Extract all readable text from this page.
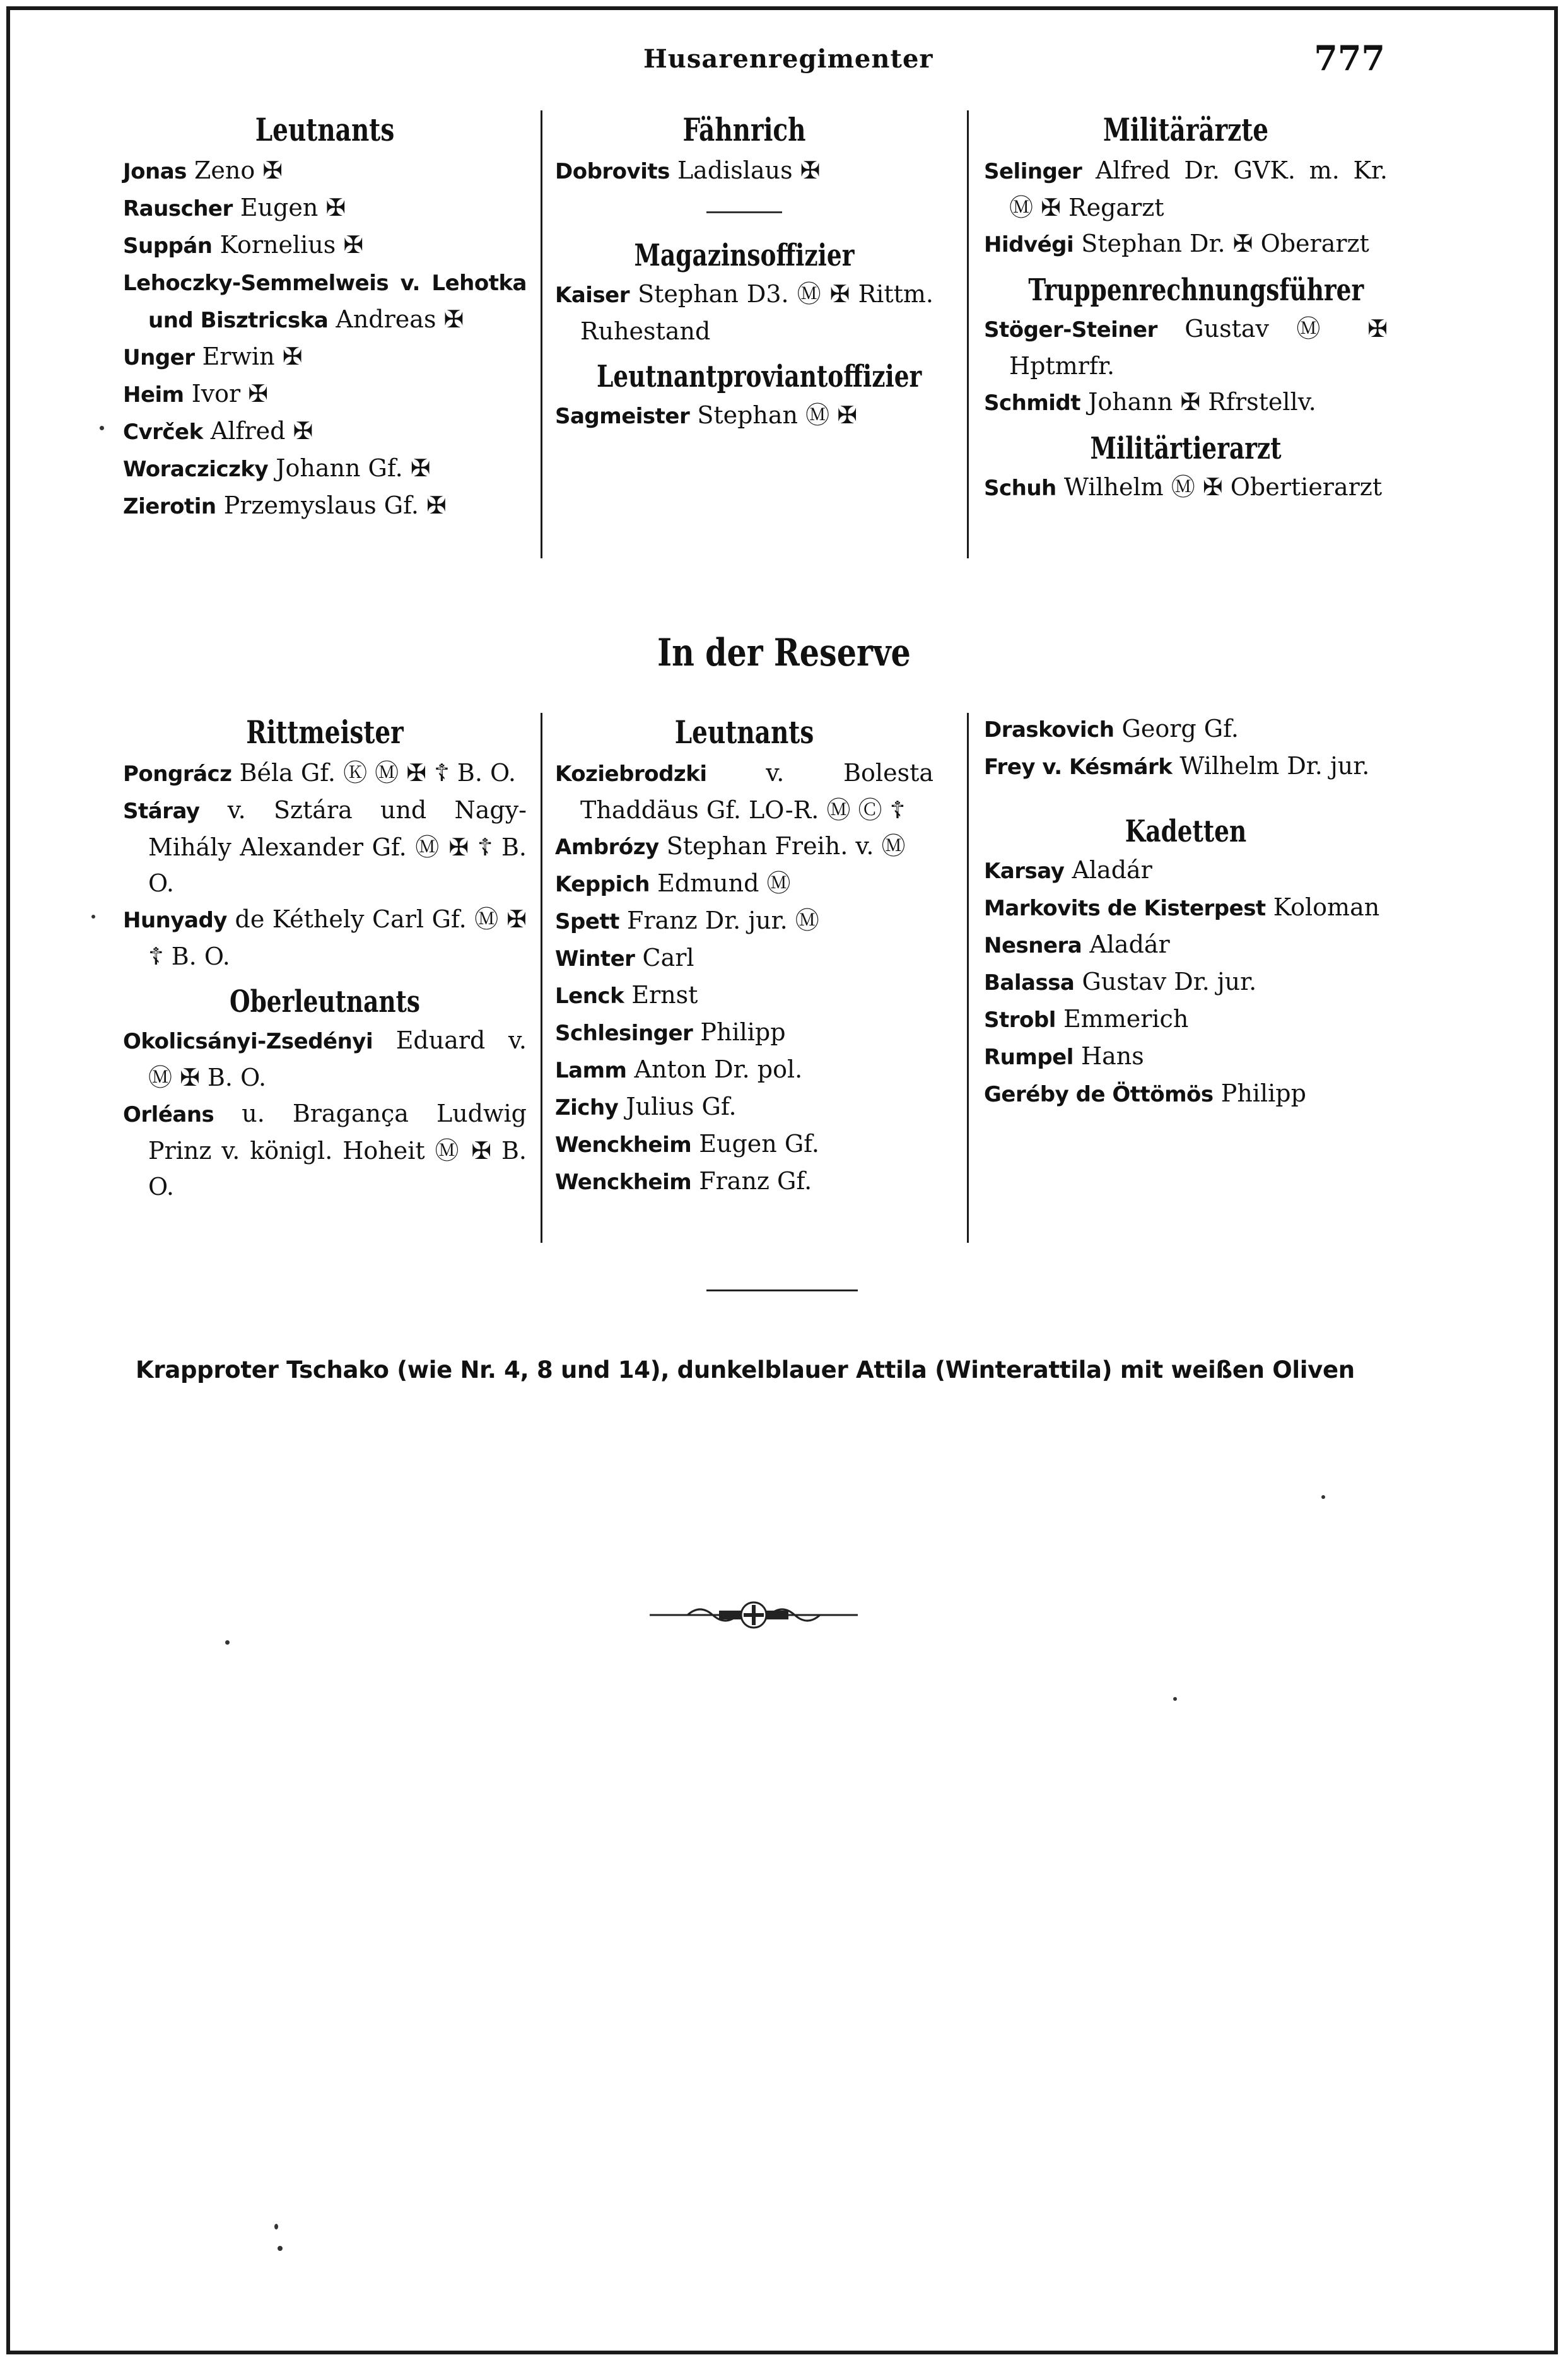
Husarenregimenter	777
Leutnants
Jonas Zeno ✠
Rauscher Eugen ✠
Suppán Kornelius ✠
Lehoczky-Semmelweis v. Lehotka und Bisztricska Andreas ✠
Unger Erwin ✠
Heim Ivor ✠
Cvrček Alfred ✠
Woracziczky Johann Gf. ✠
Zierotin Przemyslaus Gf. ✠
Fähnrich
Dobrovits Ladislaus ✠
Magazinsoffizier
Kaiser Stephan D3. Ⓜ ✠ Rittm. Ruhestand
Leutnantproviantoffizier
Sagmeister Stephan Ⓜ ✠
Militärärzte
Selinger Alfred Dr. GVK. m. Kr. Ⓜ ✠ Regarzt
Hidvégi Stephan Dr. ✠ Oberarzt
Truppenrechnungsführer
Stöger-Steiner Gustav Ⓜ ✠ Hptmrfr.
Schmidt Johann ✠ Rfrstellv.
Militärtierarzt
Schuh Wilhelm Ⓜ ✠ Obertierarzt
In der Reserve
Rittmeister
Pongrácz Béla Gf. Ⓚ Ⓜ ✠ ☦ B. O.
Stáray v. Sztára und Nagy-Mihály Alexander Gf. Ⓜ ✠ ☦ B. O.
Hunyady de Kéthely Carl Gf. Ⓜ ✠ ☦ B. O.
Oberleutnants
Okolicsányi-Zsedényi Eduard v. Ⓜ ✠ B. O.
Orléans u. Bragança Ludwig Prinz v. königl. Hoheit Ⓜ ✠ B. O.
Leutnants
Koziebrodzki v. Bolesta Thaddäus Gf. LO-R. Ⓜ Ⓒ ☦
Ambrózy Stephan Freih. v. Ⓜ
Keppich Edmund Ⓜ
Spett Franz Dr. jur. Ⓜ
Winter Carl
Lenck Ernst
Schlesinger Philipp
Lamm Anton Dr. pol.
Zichy Julius Gf.
Wenckheim Eugen Gf.
Wenckheim Franz Gf.
Draskovich Georg Gf.
Frey v. Késmárk Wilhelm Dr. jur.
Kadetten
Karsay Aladár
Markovits de Kisterpest Koloman
Nesnera Aladár
Balassa Gustav Dr. jur.
Strobl Emmerich
Rumpel Hans
Geréby de Öttömös Philipp
Krapproter Tschako (wie Nr. 4, 8 und 14), dunkelblauer Attila (Winterattila) mit weißen Oliven
